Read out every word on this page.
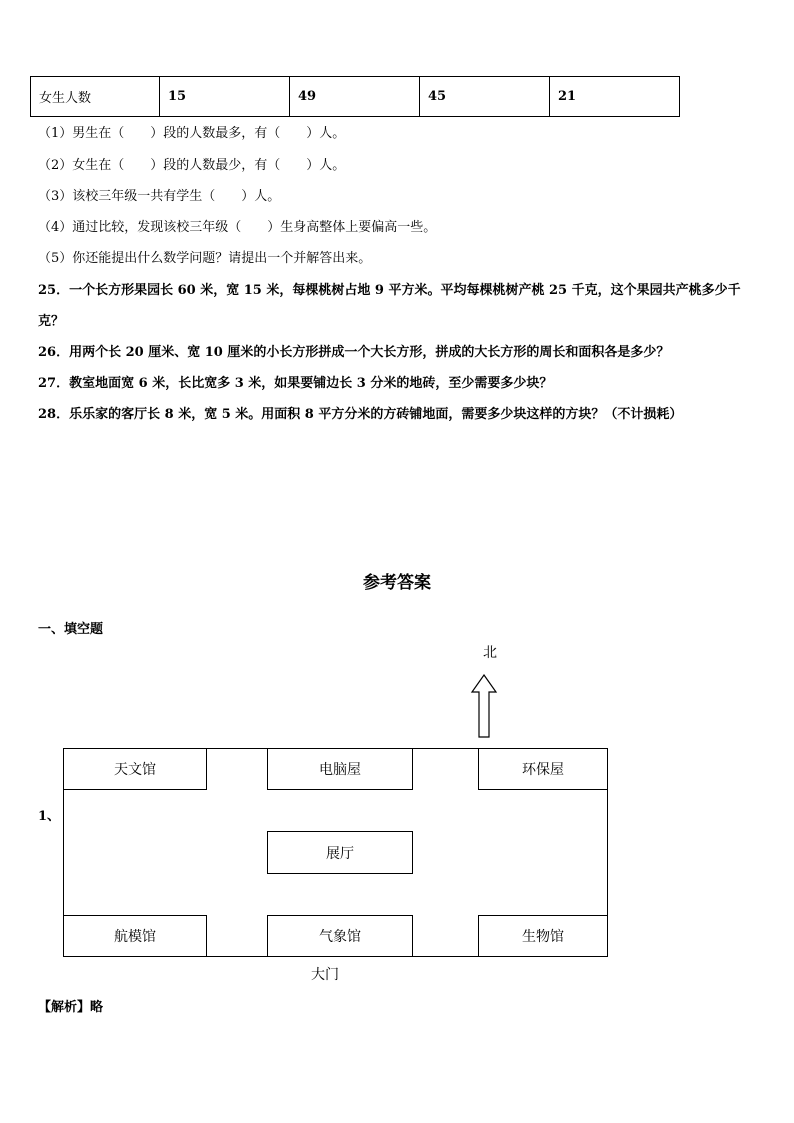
女生人数	15	49	45	21
（1）男生在（　　）段的人数最多，有（　　）人。
（2）女生在（　　）段的人数最少，有（　　）人。
（3）该校三年级一共有学生（　　）人。
（4）通过比较，发现该校三年级（　　）生身高整体上要偏高一些。
（5）你还能提出什么数学问题？请提出一个并解答出来。
25．一个长方形果园长 60 米，宽 15 米，每棵桃树占地 9 平方米。平均每棵桃树产桃 25 千克，这个果园共产桃多少千
克？
26．用两个长 20 厘米、宽 10 厘米的小长方形拼成一个大长方形，拼成的大长方形的周长和面积各是多少？
27．教室地面宽 6 米，长比宽多 3 米，如果要铺边长 3 分米的地砖，至少需要多少块？
28．乐乐家的客厅长 8 米，宽 5 米。用面积 8 平方分米的方砖铺地面，需要多少块这样的方块？（不计损耗）
参考答案
一、填空题
1、
北
天文馆	电脑屋	环保屋
展厅
航模馆	气象馆	生物馆
大门
【解析】略
